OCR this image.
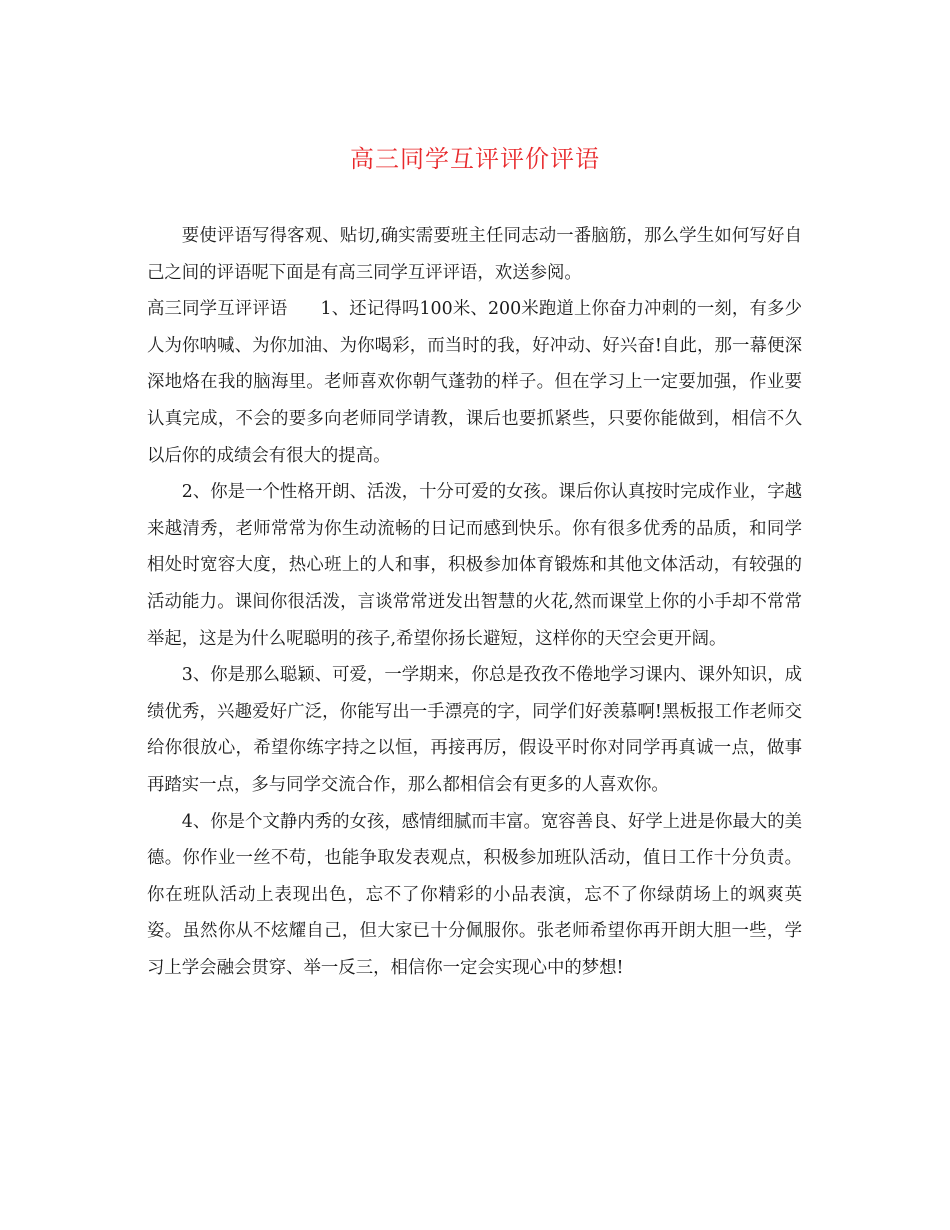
高三同学互评评价评语

要使评语写得客观、贴切,确实需要班主任同志动一番脑筋，那么学生如何写好自己之间的评语呢下面是有高三同学互评评语，欢送参阅。

高三同学互评评语 1、还记得吗100米、200米跑道上你奋力冲刺的一刻，有多少人为你呐喊、为你加油、为你喝彩，而当时的我，好冲动、好兴奋!自此，那一幕便深深地烙在我的脑海里。老师喜欢你朝气蓬勃的样子。但在学习上一定要加强，作业要认真完成，不会的要多向老师同学请教，课后也要抓紧些，只要你能做到，相信不久以后你的成绩会有很大的提高。

2、你是一个性格开朗、活泼，十分可爱的女孩。课后你认真按时完成作业，字越来越清秀，老师常常为你生动流畅的日记而感到快乐。你有很多优秀的品质，和同学相处时宽容大度，热心班上的人和事，积极参加体育锻炼和其他文体活动，有较强的活动能力。课间你很活泼，言谈常常迸发出智慧的火花,然而课堂上你的小手却不常常举起，这是为什么呢聪明的孩子,希望你扬长避短，这样你的天空会更开阔。

3、你是那么聪颖、可爱，一学期来，你总是孜孜不倦地学习课内、课外知识，成绩优秀，兴趣爱好广泛，你能写出一手漂亮的字，同学们好羡慕啊!黑板报工作老师交给你很放心，希望你练字持之以恒，再接再厉，假设平时你对同学再真诚一点，做事再踏实一点，多与同学交流合作，那么都相信会有更多的人喜欢你。

4、你是个文静内秀的女孩，感情细腻而丰富。宽容善良、好学上进是你最大的美德。你作业一丝不苟，也能争取发表观点，积极参加班队活动，值日工作十分负责。你在班队活动上表现出色，忘不了你精彩的小品表演，忘不了你绿荫场上的飒爽英姿。虽然你从不炫耀自己，但大家已十分佩服你。张老师希望你再开朗大胆一些，学习上学会融会贯穿、举一反三，相信你一定会实现心中的梦想!
